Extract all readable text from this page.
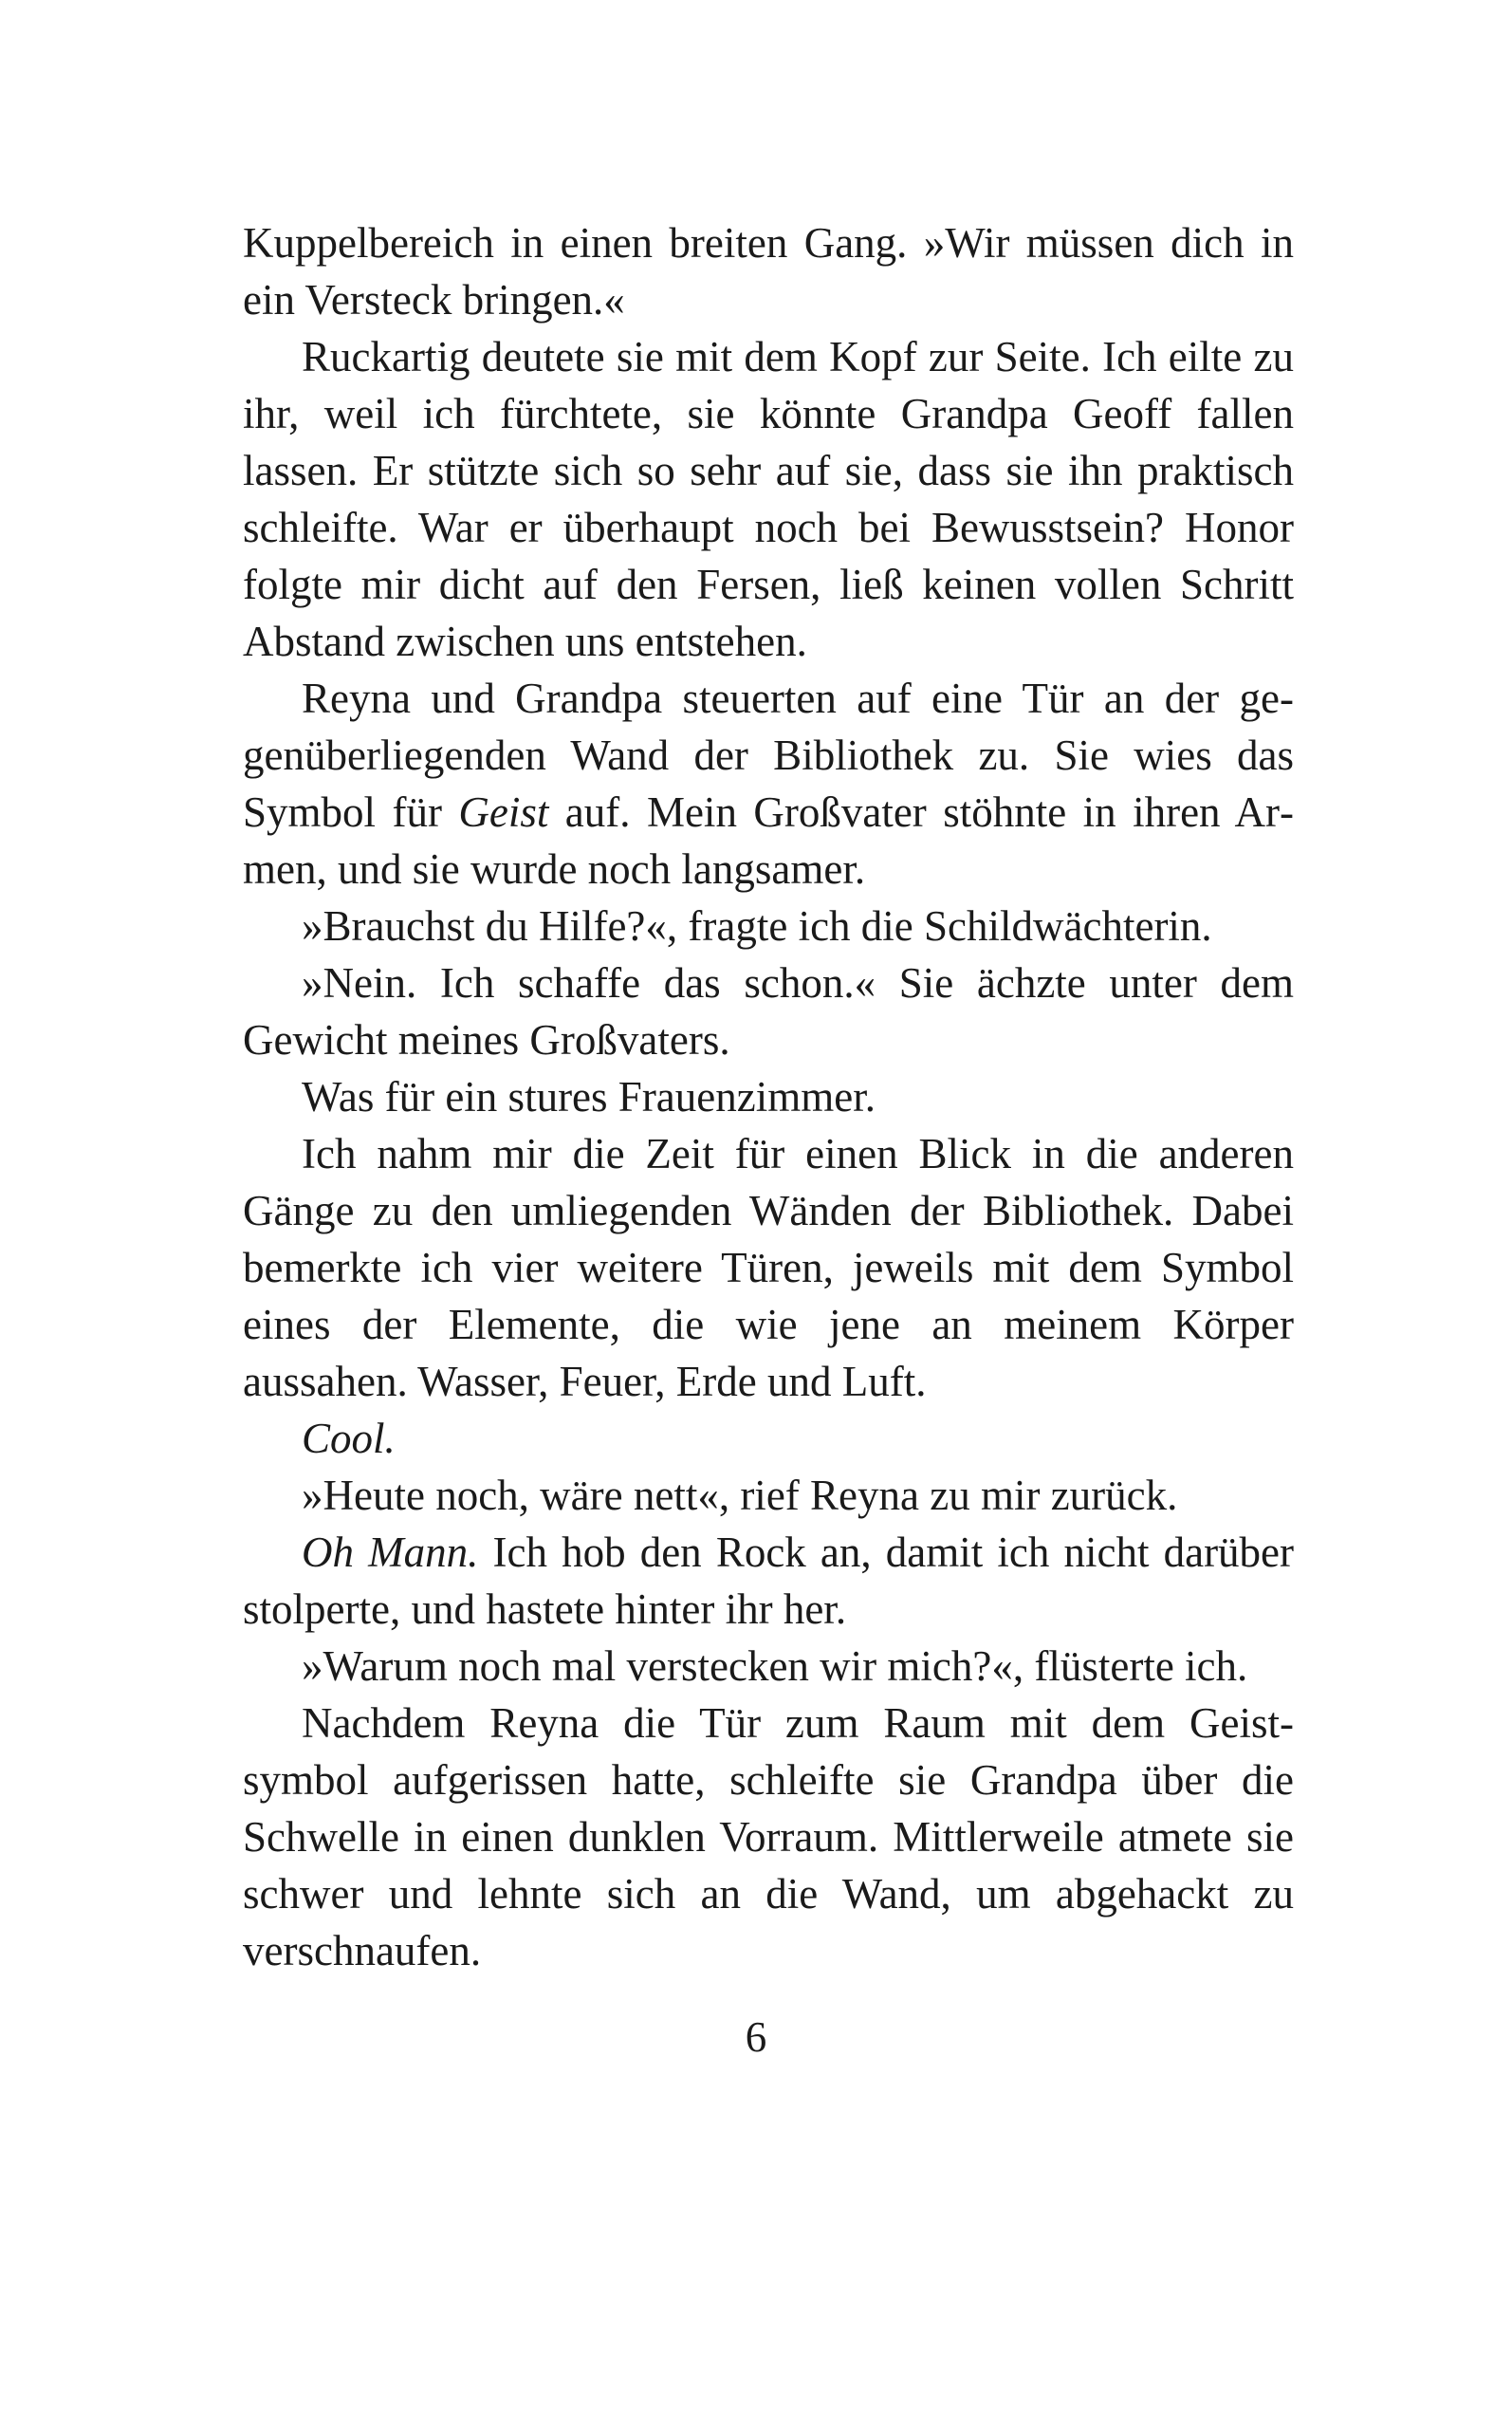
Kuppelbereich in einen breiten Gang. »Wir müssen dich in ein Versteck bringen.«

Ruckartig deutete sie mit dem Kopf zur Seite. Ich eilte zu ihr, weil ich fürchtete, sie könnte Grandpa Geoff fallen lassen. Er stützte sich so sehr auf sie, dass sie ihn praktisch schleifte. War er überhaupt noch bei Bewusstsein? Honor folgte mir dicht auf den Fersen, ließ keinen vollen Schritt Abstand zwischen uns entstehen.

Reyna und Grandpa steuerten auf eine Tür an der gegenüberliegenden Wand der Bibliothek zu. Sie wies das Symbol für Geist auf. Mein Großvater stöhnte in ihren Armen, und sie wurde noch langsamer.

»Brauchst du Hilfe?«, fragte ich die Schildwächterin.

»Nein. Ich schaffe das schon.« Sie ächzte unter dem Gewicht meines Großvaters.

Was für ein stures Frauenzimmer.

Ich nahm mir die Zeit für einen Blick in die anderen Gänge zu den umliegenden Wänden der Bibliothek. Dabei bemerkte ich vier weitere Türen, jeweils mit dem Symbol eines der Elemente, die wie jene an meinem Körper aussahen. Wasser, Feuer, Erde und Luft.

Cool.

»Heute noch, wäre nett«, rief Reyna zu mir zurück.

Oh Mann. Ich hob den Rock an, damit ich nicht darüber stolperte, und hastete hinter ihr her.

»Warum noch mal verstecken wir mich?«, flüsterte ich.

Nachdem Reyna die Tür zum Raum mit dem Geistsymbol aufgerissen hatte, schleifte sie Grandpa über die Schwelle in einen dunklen Vorraum. Mittlerweile atmete sie schwer und lehnte sich an die Wand, um abgehackt zu verschnaufen.

6
